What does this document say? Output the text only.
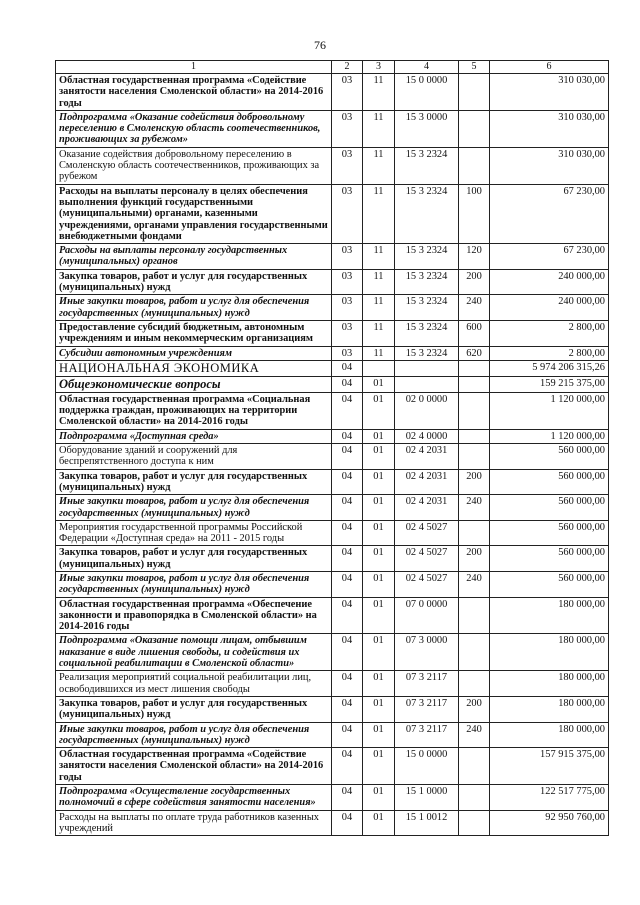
76
1	2	3	4	5	6
Областная государственная программа «Содействие занятости населения Смоленской области» на 2014-2016 годы	03	11	15 0 0000		310 030,00
Подпрограмма «Оказание содействия добровольному переселению в Смоленскую область соотечественников, проживающих за рубежом»	03	11	15 3 0000		310 030,00
Оказание содействия добровольному переселению в Смоленскую область соотечественников, проживающих за рубежом	03	11	15 3 2324		310 030,00
Расходы на выплаты персоналу в целях обеспечения выполнения функций государственными (муниципальными) органами, казенными учреждениями, органами управления государственными внебюджетными фондами	03	11	15 3 2324	100	67 230,00
Расходы на выплаты персоналу государственных (муниципальных) органов	03	11	15 3 2324	120	67 230,00
Закупка товаров, работ и услуг для государственных (муниципальных) нужд	03	11	15 3 2324	200	240 000,00
Иные закупки товаров, работ и услуг для обеспечения государственных (муниципальных) нужд	03	11	15 3 2324	240	240 000,00
Предоставление субсидий бюджетным, автономным учреждениям и иным некоммерческим организациям	03	11	15 3 2324	600	2 800,00
Субсидии автономным учреждениям	03	11	15 3 2324	620	2 800,00
НАЦИОНАЛЬНАЯ ЭКОНОМИКА	04				5 974 206 315,26
Общеэкономические вопросы	04	01			159 215 375,00
Областная государственная программа «Социальная поддержка граждан, проживающих на территории Смоленской области» на 2014-2016 годы	04	01	02 0 0000		1 120 000,00
Подпрограмма «Доступная среда»	04	01	02 4 0000		1 120 000,00
Оборудование зданий и сооружений для беспрепятственного доступа к ним	04	01	02 4 2031		560 000,00
Закупка товаров, работ и услуг для государственных (муниципальных) нужд	04	01	02 4 2031	200	560 000,00
Иные закупки товаров, работ и услуг для обеспечения государственных (муниципальных) нужд	04	01	02 4 2031	240	560 000,00
Мероприятия государственной программы Российской Федерации «Доступная среда» на 2011 - 2015 годы	04	01	02 4 5027		560 000,00
Закупка товаров, работ и услуг для государственных (муниципальных) нужд	04	01	02 4 5027	200	560 000,00
Иные закупки товаров, работ и услуг для обеспечения государственных (муниципальных) нужд	04	01	02 4 5027	240	560 000,00
Областная государственная программа «Обеспечение законности и правопорядка в Смоленской области» на 2014-2016 годы	04	01	07 0 0000		180 000,00
Подпрограмма «Оказание помощи лицам, отбывшим наказание в виде лишения свободы, и содействия их социальной реабилитации в Смоленской области»	04	01	07 3 0000		180 000,00
Реализация мероприятий социальной реабилитации лиц, освободившихся из мест лишения свободы	04	01	07 3 2117		180 000,00
Закупка товаров, работ и услуг для государственных (муниципальных) нужд	04	01	07 3 2117	200	180 000,00
Иные закупки товаров, работ и услуг для обеспечения государственных (муниципальных) нужд	04	01	07 3 2117	240	180 000,00
Областная государственная программа «Содействие занятости населения Смоленской области» на 2014-2016 годы	04	01	15 0 0000		157 915 375,00
Подпрограмма «Осуществление государственных полномочий в сфере содействия занятости населения»	04	01	15 1 0000		122 517 775,00
Расходы на выплаты по оплате труда работников казенных учреждений	04	01	15 1 0012		92 950 760,00
